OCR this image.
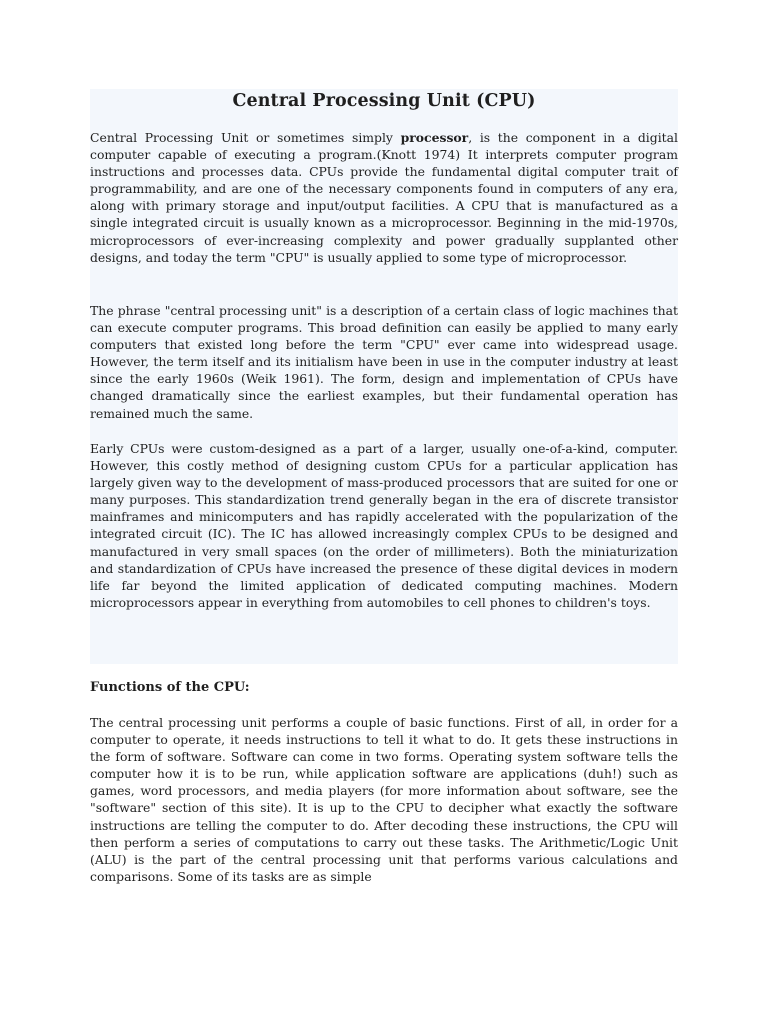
Central Processing Unit (CPU)

Central Processing Unit or sometimes simply processor, is the component in a digital computer capable of executing a program.(Knott 1974) It interprets computer program instructions and processes data. CPUs provide the fundamental digital computer trait of programmability, and are one of the necessary components found in computers of any era, along with primary storage and input/output facilities. A CPU that is manufactured as a single integrated circuit is usually known as a microprocessor. Beginning in the mid-1970s, microprocessors of ever-increasing complexity and power gradually supplanted other designs, and today the term "CPU" is usually applied to some type of microprocessor.

The phrase "central processing unit" is a description of a certain class of logic machines that can execute computer programs. This broad definition can easily be applied to many early computers that existed long before the term "CPU" ever came into widespread usage. However, the term itself and its initialism have been in use in the computer industry at least since the early 1960s (Weik 1961). The form, design and implementation of CPUs have changed dramatically since the earliest examples, but their fundamental operation has remained much the same.

Early CPUs were custom-designed as a part of a larger, usually one-of-a-kind, computer. However, this costly method of designing custom CPUs for a particular application has largely given way to the development of mass-produced processors that are suited for one or many purposes. This standardization trend generally began in the era of discrete transistor mainframes and minicomputers and has rapidly accelerated with the popularization of the integrated circuit (IC). The IC has allowed increasingly complex CPUs to be designed and manufactured in very small spaces (on the order of millimeters). Both the miniaturization and standardization of CPUs have increased the presence of these digital devices in modern life far beyond the limited application of dedicated computing machines. Modern microprocessors appear in everything from automobiles to cell phones to children's toys.

Functions of the CPU:

The central processing unit performs a couple of basic functions. First of all, in order for a computer to operate, it needs instructions to tell it what to do. It gets these instructions in the form of software. Software can come in two forms. Operating system software tells the computer how it is to be run, while application software are applications (duh!) such as games, word processors, and media players (for more information about software, see the "software" section of this site). It is up to the CPU to decipher what exactly the software instructions are telling the computer to do. After decoding these instructions, the CPU will then perform a series of computations to carry out these tasks. The Arithmetic/Logic Unit (ALU) is the part of the central processing unit that performs various calculations and comparisons. Some of its tasks are as simple
